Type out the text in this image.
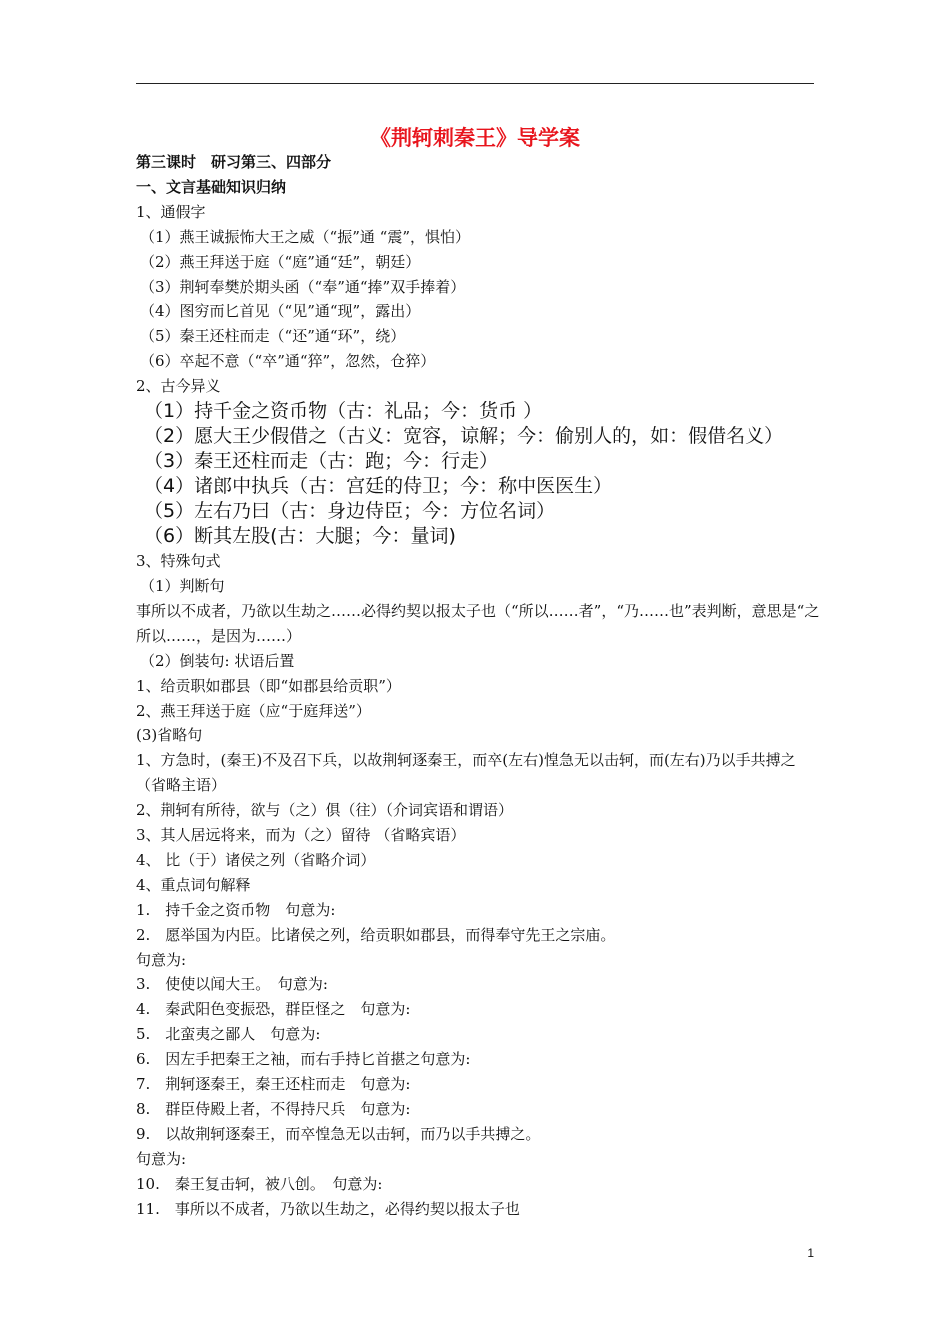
《荆轲刺秦王》导学案
第三课时　研习第三、四部分
一、文言基础知识归纳
1、通假字
（1）燕王诚振怖大王之威（“振”通 “震”，惧怕）
（2）燕王拜送于庭（“庭”通“廷”，朝廷）
（3）荆轲奉樊於期头函（“奉”通“捧”双手捧着）
（4）图穷而匕首见（“见”通“现”，露出）
（5）秦王还柱而走（“还”通“环”，绕）
（6）卒起不意（“卒”通“猝”，忽然，仓猝）
2、古今异义
（1）持千金之资币物（古：礼品；今：货币 ）
（2）愿大王少假借之（古义：宽容，谅解；今：偷别人的，如：假借名义）
（3）秦王还柱而走（古：跑；今：行走）
（4）诸郎中执兵（古：宫廷的侍卫；今：称中医医生）
（5）左右乃曰（古：身边侍臣；今：方位名词）
（6）断其左股(古：大腿；今：量词)
3、特殊句式
（1）判断句
事所以不成者，乃欲以生劫之……必得约契以报太子也（“所以……者”，“乃……也”表判断，意思是“之所以……，是因为……）
（2）倒装句: 状语后置
1、给贡职如郡县（即“如郡县给贡职”）
2、燕王拜送于庭（应“于庭拜送”）
(3)省略句
1、方急时，(秦王)不及召下兵，以故荆轲逐秦王，而卒(左右)惶急无以击轲，而(左右)乃以手共搏之（省略主语）
2、荆轲有所待，欲与（之）俱（往）（介词宾语和谓语）
3、其人居远将来，而为（之）留待 （省略宾语）
4、 比（于）诸侯之列（省略介词）
4、重点词句解释
1.　持千金之资币物　句意为:
2.　愿举国为内臣。比诸侯之列，给贡职如郡县，而得奉守先王之宗庙。
句意为:
3.　使使以闻大王。　句意为:
4.　秦武阳色变振恐，群臣怪之　句意为:
5.　北蛮夷之鄙人　句意为:
6.　因左手把秦王之袖，而右手持匕首揕之句意为:
7.　荆轲逐秦王，秦王还柱而走　句意为:
8.　群臣侍殿上者，不得持尺兵　句意为:
9.　以故荆轲逐秦王，而卒惶急无以击轲，而乃以手共搏之。
句意为:
10.　秦王复击轲，被八创。　句意为:
11.　事所以不成者，乃欲以生劫之，必得约契以报太子也
1
